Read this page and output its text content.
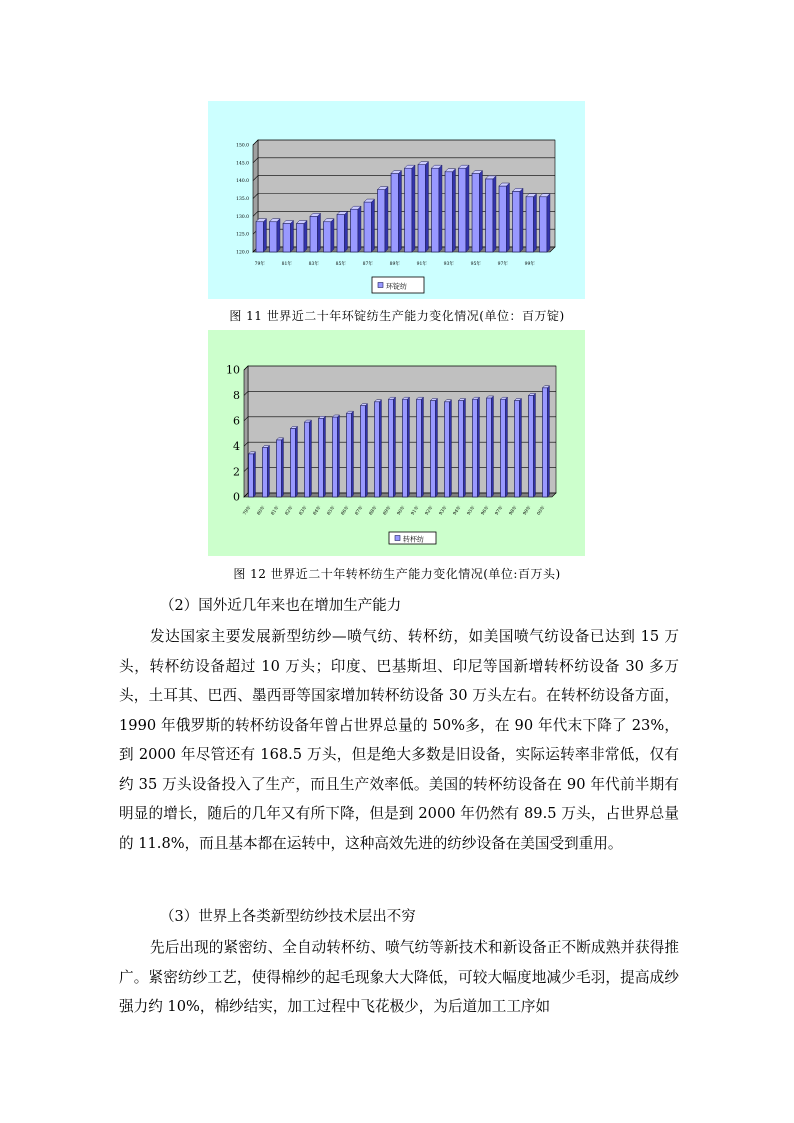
120.0
125.0
130.0
135.0
140.0
145.0
150.0
79年	81年	83年	85年	87年	89年	91年	93年	95年	97年	99年
环锭纺
图 11 世界近二十年环锭纺生产能力变化情况(单位：百万锭)
0
2
4
6
8
10
79年 80年 81年 82年 83年 84年 85年 86年 87年 88年 89年 90年 91年 92年 93年 94年 95年 96年 97年 98年 99年 00年
转杯纺
图 12 世界近二十年转杯纺生产能力变化情况(单位:百万头)
（2）国外近几年来也在增加生产能力

发达国家主要发展新型纺纱—喷气纺、转杯纺，如美国喷气纺设备已达到 15 万头，转杯纺设备超过 10 万头；印度、巴基斯坦、印尼等国新增转杯纺设备 30 多万头，土耳其、巴西、墨西哥等国家增加转杯纺设备 30 万头左右。在转杯纺设备方面，1990 年俄罗斯的转杯纺设备年曾占世界总量的 50%多，在 90 年代末下降了 23%，到 2000 年尽管还有 168.5 万头，但是绝大多数是旧设备，实际运转率非常低，仅有约 35 万头设备投入了生产，而且生产效率低。美国的转杯纺设备在 90 年代前半期有明显的增长，随后的几年又有所下降，但是到 2000 年仍然有 89.5 万头，占世界总量的 11.8%，而且基本都在运转中，这种高效先进的纺纱设备在美国受到重用。

（3）世界上各类新型纺纱技术层出不穷

先后出现的紧密纺、全自动转杯纺、喷气纺等新技术和新设备正不断成熟并获得推广。紧密纺纱工艺，使得棉纱的起毛现象大大降低，可较大幅度地减少毛羽，提高成纱强力约 10%，棉纱结实，加工过程中飞花极少，为后道加工工序如
